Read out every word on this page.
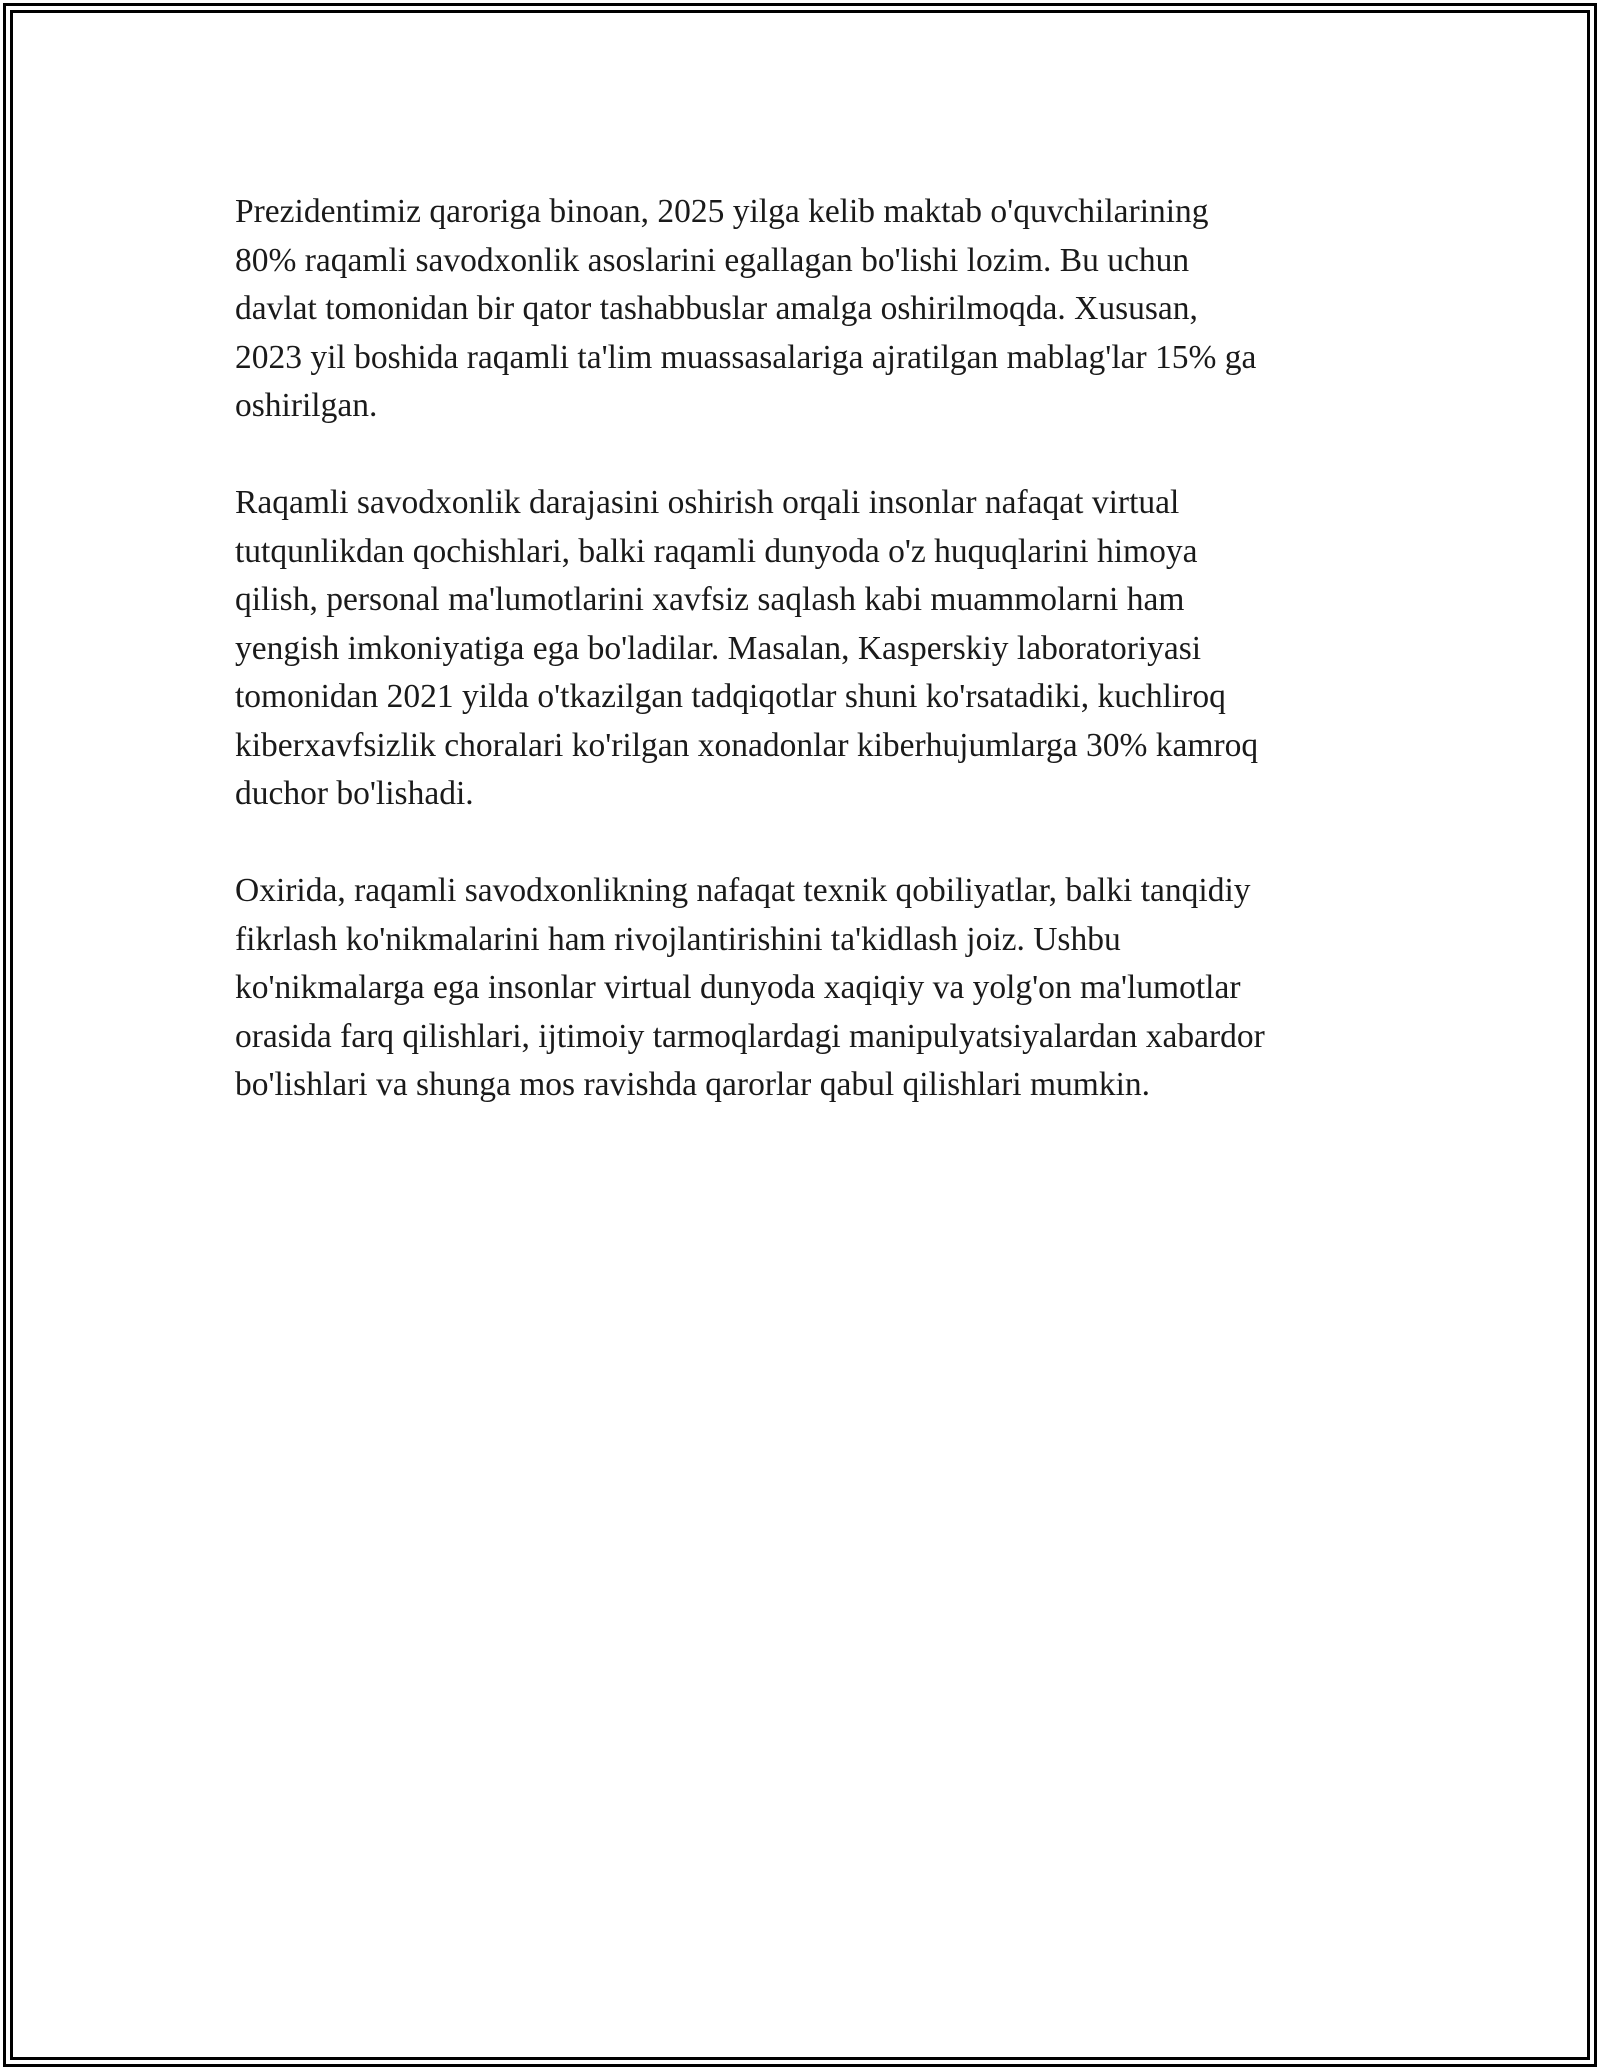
Prezidentimiz qaroriga binoan, 2025 yilga kelib maktab o'quvchilarining
80% raqamli savodxonlik asoslarini egallagan bo'lishi lozim. Bu uchun
davlat tomonidan bir qator tashabbuslar amalga oshirilmoqda. Xususan,
2023 yil boshida raqamli ta'lim muassasalariga ajratilgan mablag'lar 15% ga
oshirilgan.

Raqamli savodxonlik darajasini oshirish orqali insonlar nafaqat virtual
tutqunlikdan qochishlari, balki raqamli dunyoda o'z huquqlarini himoya
qilish, personal ma'lumotlarini xavfsiz saqlash kabi muammolarni ham
yengish imkoniyatiga ega bo'ladilar. Masalan, Kasperskiy laboratoriyasi
tomonidan 2021 yilda o'tkazilgan tadqiqotlar shuni ko'rsatadiki, kuchliroq
kiberxavfsizlik choralari ko'rilgan xonadonlar kiberhujumlarga 30% kamroq
duchor bo'lishadi.

Oxirida, raqamli savodxonlikning nafaqat texnik qobiliyatlar, balki tanqidiy
fikrlash ko'nikmalarini ham rivojlantirishini ta'kidlash joiz. Ushbu
ko'nikmalarga ega insonlar virtual dunyoda xaqiqiy va yolg'on ma'lumotlar
orasida farq qilishlari, ijtimoiy tarmoqlardagi manipulyatsiyalardan xabardor
bo'lishlari va shunga mos ravishda qarorlar qabul qilishlari mumkin.
